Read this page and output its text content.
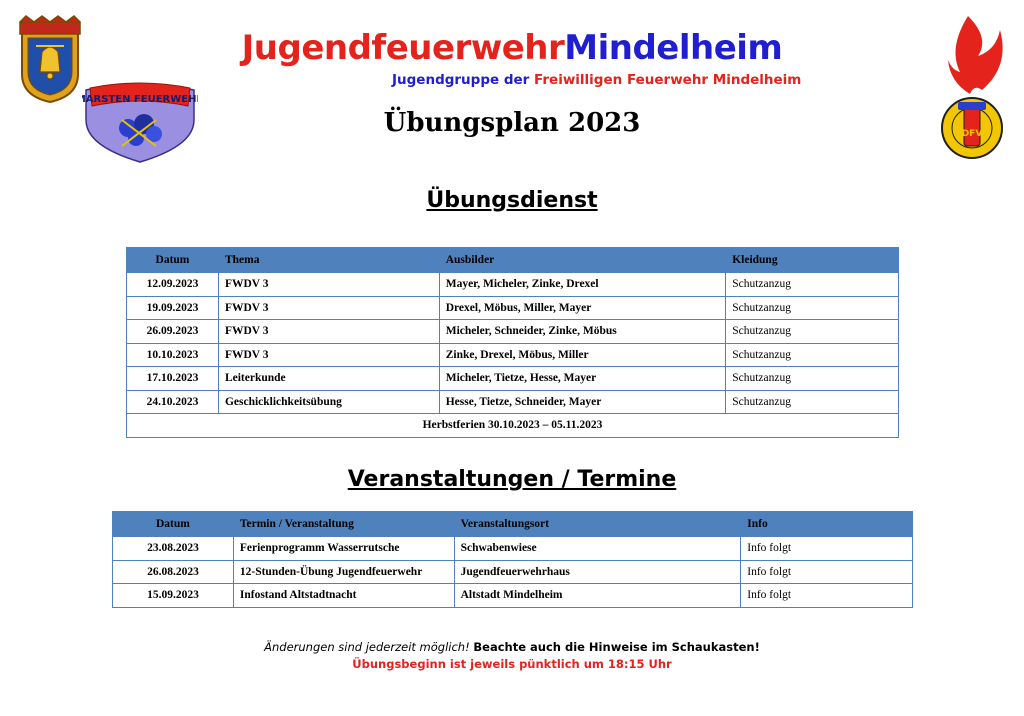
MARSTEN FEUERWEHR
DFV
JugendfeuerwehrMindelheim
Jugendgruppe der Freiwilligen Feuerwehr Mindelheim
Übungsplan 2023
Übungsdienst
Datum	Thema	Ausbilder	Kleidung
12.09.2023	FWDV 3	Mayer, Micheler, Zinke, Drexel	Schutzanzug
19.09.2023	FWDV 3	Drexel, Möbus, Miller, Mayer	Schutzanzug
26.09.2023	FWDV 3	Micheler, Schneider, Zinke, Möbus	Schutzanzug
10.10.2023	FWDV 3	Zinke, Drexel, Möbus, Miller	Schutzanzug
17.10.2023	Leiterkunde	Micheler, Tietze, Hesse, Mayer	Schutzanzug
24.10.2023	Geschicklichkeitsübung	Hesse, Tietze, Schneider, Mayer	Schutzanzug
Herbstferien 30.10.2023 – 05.11.2023			
Veranstaltungen / Termine
Datum	Termin / Veranstaltung	Veranstaltungsort	Info
23.08.2023	Ferienprogramm Wasserrutsche	Schwabenwiese	Info folgt
26.08.2023	12-Stunden-Übung Jugendfeuerwehr	Jugendfeuerwehrhaus	Info folgt
15.09.2023	Infostand Altstadtnacht	Altstadt Mindelheim	Info folgt
Änderungen sind jederzeit möglich! Beachte auch die Hinweise im Schaukasten!
Übungsbeginn ist jeweils pünktlich um 18:15 Uhr
